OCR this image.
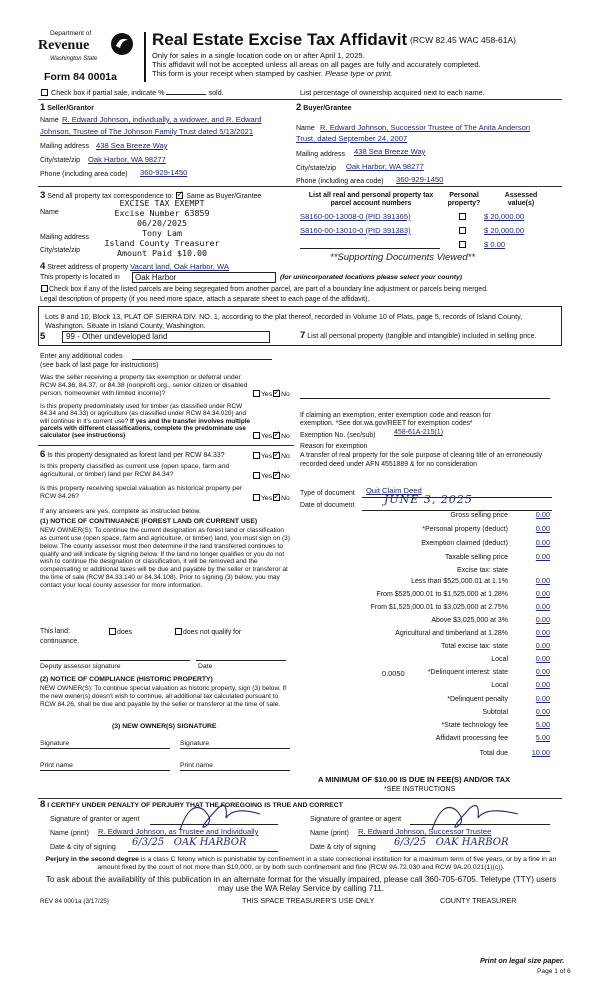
Department of
Revenue
Washington State
Form 84 0001a
Real Estate Excise Tax Affidavit (RCW 82.45 WAC 458-61A)
Only for sales in a single location code on or after April 1, 2025.
This affidavit will not be accepted unless all areas on all pages are fully and accurately completed.
This form is your receipt when stamped by cashier. Please type or print.
Check box if partial sale, indicate %	sold.	List percentage of ownership acquired next to each name.
1 Seller/Grantor
Name R. Edward Johnson, individually, a widower, and R. Edward
Johnson, Trustee of The Johnson Family Trust dated 5/13/2021
Mailing address 438 Sea Breeze Way
City/state/zip Oak Harbor, WA 98277
Phone (including area code) 360-929-1450
2 Buyer/Grantee
Name R. Edward Johnson, Successor Trustee of The Anita Anderson
Trust, dated September 24, 2007
Mailing address 438 Sea Breeze Way
City/state/zip Oak Harbor, WA 98277
Phone (including area code) 360-929-1450
3 Send all property tax correspondence to: ✓ Same as Buyer/Grantee
Name
Mailing address
City/state/zip
EXCISE TAX EXEMPT
Excise Number 63859
06/20/2025
Tony Lam
Island County Treasurer
Amount Paid $10.00
List all real and personal property tax parcel account numbers
Personal property?
Assessed value(s)
S8160-00-13008-0 (PID 391365)	$ 20,000.00
S8160-00-13010-0 (PID 391383)	$ 20,000.00
$ 0.00
**Supporting Documents Viewed**
4 Street address of property Vacant land, Oak Harbor, WA
This property is located in	Oak Harbor	(for unincorporated locations please select your county)
Check box if any of the listed parcels are being segregated from another parcel, are part of a boundary line adjustment or parcels being merged.
Legal description of property (if you need more space, attach a separate sheet to each page of the affidavit).
Lots 8 and 10, Block 13, PLAT OF SIERRA DIV. NO. 1, according to the plat thereof, recorded in Volume 10 of Plats, page 5, records of Island County, Washington. Situate in Island County, Washington.
5	99 - Other undeveloped land
Enter any additional codes
(see back of last page for instructions)
Was the seller receiving a property tax exemption or deferral under RCW 84.36, 84.37, or 84.38 (nonprofit org., senior citizen or disabled person, homeowner with limited income)?	Yes ✓ No
Is this property predominately used for timber (as classified under RCW 84.34 and 84.33) or agriculture (as classified under RCW 84.34.020) and will continue in it's current use? If yes and the transfer involves multiple parcels with different classifications, complete the predominate use calculator (see instructions)	Yes ✓ No
6 Is this property designated as forest land per RCW 84.33?	Yes ✓ No
Is this property classified as current use (open space, farm and agricultural, or timber) land per RCW 84.34?	Yes ✓ No
Is this property receiving special valuation as historical property per RCW 84.26?	Yes ✓ No
If any answers are yes, complete as instructed below.
(1) NOTICE OF CONTINUANCE (FOREST LAND OR CURRENT USE)
NEW OWNER(S): To continue the current designation as forest land or classification as current use (open space, farm and agriculture, or timber) land, you must sign on (3) below. The county assessor must then determine if the land transferred continues to qualify and will indicate by signing below. If the land no longer qualifies or you do not wish to continue the designation or classification, it will be removed and the compensating or additional taxes will be due and payable by the seller or transferor at the time of sale (RCW 84.33.140 or 84.34.108). Prior to signing (3) below, you may contact your local county assessor for more information.
This land:	does	does not qualify for
continuance.
Deputy assessor signature	Date
(2) NOTICE OF COMPLIANCE (HISTORIC PROPERTY)
NEW OWNER(S): To continue special valuation as historic property, sign (3) below. If the new owner(s) doesn't wish to continue, all additional tax calculated pursuant to RCW 84.26, shall be due and payable by the seller or transferor at the time of sale.
(3) NEW OWNER(S) SIGNATURE
Signature	Signature
Print name	Print name
7 List all personal property (tangible and intangible) included in selling price.
If claiming an exemption, enter exemption code and reason for exemption. *See dor.wa.gov/REET for exemption codes*
Exemption No. (sec/sub)	458-61A-215(1)
Reason for exemption
A transfer of real property for the sole purpose of clearing title of an erroneously recorded deed under AFN 4551889 & for no consideration
Type of document Quit Claim Deed
Date of document	JUNE 3, 2025
Gross selling price	0.00
*Personal property (deduct)	0.00
Exemption claimed (deduct)	0.00
Taxable selling price	0.00
Excise tax: state
Less than $525,000.01 at 1.1%	0.00
From $525,000.01 to $1,525,000 at 1.28%	0.00
From $1,525,000.01 to $3,025,000 at 2.75%	0.00
Above $3,025,000 at 3%	0.00
Agricultural and timberland at 1.28%	0.00
Total excise tax: state	0.00
Local	0.00
*Delinquent interest: state	0.00
Local	0.00
*Delinquent penalty	0.00
Subtotal	0.00
*State technology fee	5.00
Affidavit processing fee	5.00
Total due	10.00
0.0050
A MINIMUM OF $10.00 IS DUE IN FEE(S) AND/OR TAX
*SEE INSTRUCTIONS
8 I CERTIFY UNDER PENALTY OF PERJURY THAT THE FOREGOING IS TRUE AND CORRECT
Signature of grantor or agent
Name (print) R. Edward Johnson, as Trustee and Individually
Date & city of signing 6/3/25   OAK HARBOR
Signature of grantee or agent
Name (print) R. Edward Johnson, Successor Trustee
Date & city of signing 6/3/25   OAK HARBOR
Perjury in the second degree is a class C felony which is punishable by confinement in a state correctional institution for a maximum term of five years, or by a fine in an amount fixed by the court of not more than $10,000, or by both such confinement and fine (RCW 9A.72.030 and RCW 9A.20.021(1)(c)).
To ask about the availability of this publication in an alternate format for the visually impaired, please call 360-705-6705. Teletype (TTY) users may use the WA Relay Service by calling 711.
REV 84 0001a (3/17/25)	THIS SPACE TREASURER'S USE ONLY	COUNTY TREASURER
Print on legal size paper.
Page 1 of 6
